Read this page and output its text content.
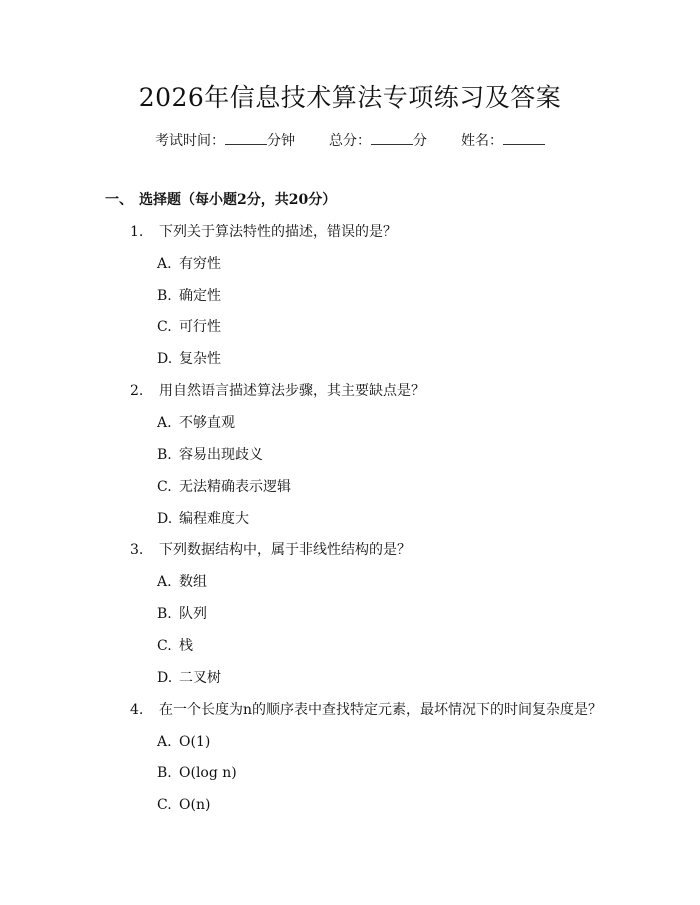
2026年信息技术算法专项练习及答案
考试时间：	分钟 总分：	分 姓名：
一、 选择题（每小题2分，共20分）
1. 下列关于算法特性的描述，错误的是？
A. 有穷性
B. 确定性
C. 可行性
D. 复杂性
2. 用自然语言描述算法步骤，其主要缺点是？
A. 不够直观
B. 容易出现歧义
C. 无法精确表示逻辑
D. 编程难度大
3. 下列数据结构中，属于非线性结构的是？
A. 数组
B. 队列
C. 栈
D. 二叉树
4. 在一个长度为n的顺序表中查找特定元素，最坏情况下的时间复杂度是？
A. O(1)
B. O(log n)
C. O(n)
